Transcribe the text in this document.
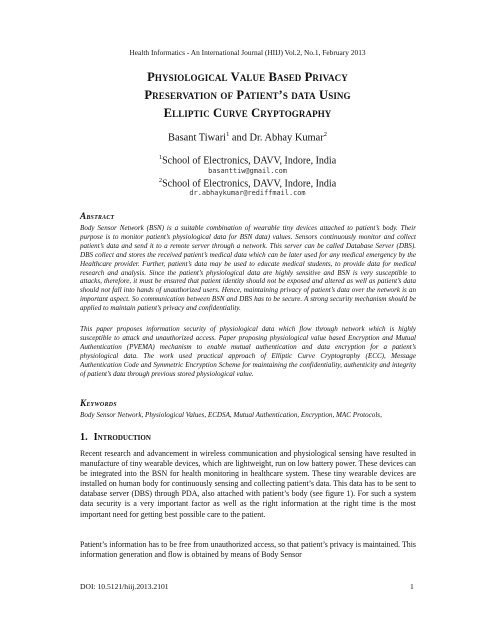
Health Informatics - An International Journal (HIIJ) Vol.2, No.1, February 2013
Physiological Value Based Privacy
Preservation of Patient’s data Using
Elliptic Curve Cryptography
Basant Tiwari$^1$ and Dr. Abhay Kumar$^2$
$^1$School of Electronics, DAVV, Indore, India
basanttiw@gmail.com
$^2$School of Electronics, DAVV, Indore, India
dr.abhaykumar@rediffmail.com
Abstract

Body Sensor Network (BSN) is a suitable combination of wearable tiny devices attached to patient’s body. Their purpose is to monitor patient’s physiological data for BSN data) values. Sensors continuously monitor and collect patient’s data and send it to a remote server through a network. This server can be called Database Server (DBS). DBS collect and stores the received patient’s medical data which can be later used for any medical emergency by the Healthcare provider. Further, patient’s data may be used to educate medical students, to provide data for medical research and analysis. Since the patient’s physiological data are highly sensitive and BSN is very susceptible to attacks, therefore, it must be ensured that patient identity should not be exposed and altered as well as patient’s data should not fall into hands of unauthorized users. Hence, maintaining privacy of patient’s data over the network is an important aspect. So communication between BSN and DBS has to be secure. A strong security mechanism should be applied to maintain patient’s privacy and confidentiality.

This paper proposes information security of physiological data which flow through network which is highly susceptible to attack and unauthorized access. Paper proposing physiological value based Encryption and Mutual Authentication (PVEMA) mechanism to enable mutual authentication and data encryption for a patient’s physiological data. The work used practical approach of Elliptic Curve Cryptography (ECC), Message Authentication Code and Symmetric Encryption Scheme for maintaining the confidentiality, authenticity and integrity of patient’s data through previous stored physiological value.

Keywords

Body Sensor Network, Physiological Values, ECDSA, Mutual Authentication, Encryption, MAC Protocols,

1. Introduction

Recent research and advancement in wireless communication and physiological sensing have resulted in manufacture of tiny wearable devices, which are lightweight, run on low battery power. These devices can be integrated into the BSN for health monitoring in healthcare system. These tiny wearable devices are installed on human body for continuously sensing and collecting patient’s data. This data has to be sent to database server (DBS) through PDA, also attached with patient’s body (see figure 1). For such a system data security is a very important factor as well as the right information at the right time is the most important need for getting best possible care to the patient.

Patient’s information has to be free from unauthorized access, so that patient’s privacy is maintained. This information generation and flow is obtained by means of Body Sensor

DOI: 10.5121/hiij.2013.2101	1
